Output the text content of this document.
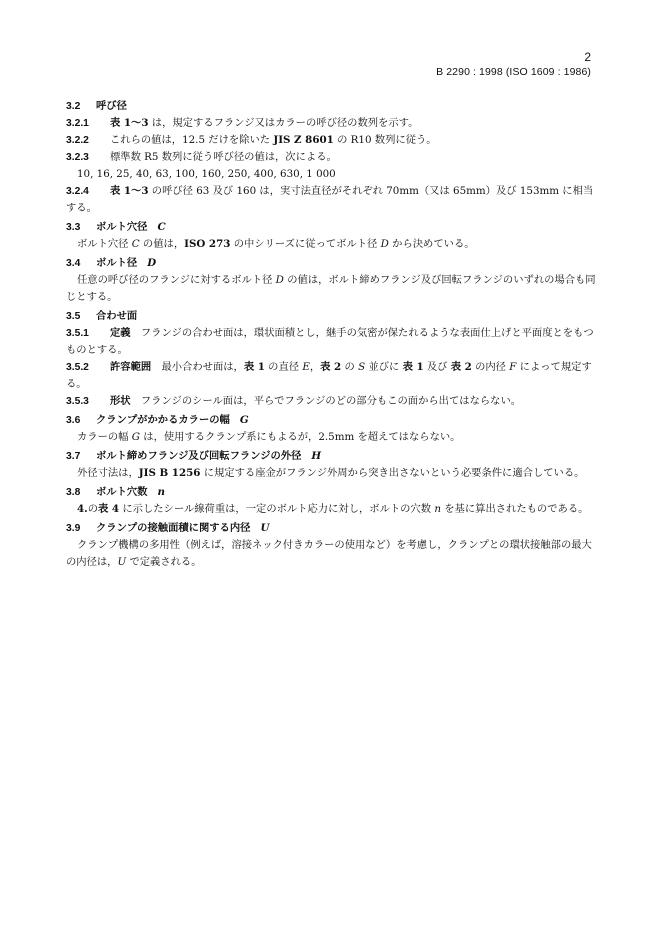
2
B 2290 : 1998 (ISO 1609 : 1986)
3.2 呼び径
3.2.1 表 1～3 は，規定するフランジ又はカラーの呼び径の数列を示す。
3.2.2 これらの値は，12.5 だけを除いた JIS Z 8601 の R10 数列に従う。
3.2.3 標準数 R5 数列に従う呼び径の値は，次による。
10, 16, 25, 40, 63, 100, 160, 250, 400, 630, 1 000
3.2.4 表 1～3 の呼び径 63 及び 160 は，実寸法直径がそれぞれ 70mm（又は 65mm）及び 153mm に相当する。
3.3 ボルト穴径 C
ボルト穴径 C の値は，ISO 273 の中シリーズに従ってボルト径 D から決めている。
3.4 ボルト径 D
任意の呼び径のフランジに対するボルト径 D の値は，ボルト締めフランジ及び回転フランジのいずれの場合も同じとする。
3.5 合わせ面
3.5.1 定義　 フランジの合わせ面は，環状面積とし，継手の気密が保たれるような表面仕上げと平面度とをもつものとする。
3.5.2 許容範囲　 最小合わせ面は，表 1 の直径 E，表 2 の S 並びに 表 1 及び 表 2 の内径 F によって規定する。
3.5.3 形状　 フランジのシール面は，平らでフランジのどの部分もこの面から出てはならない。
3.6 クランプがかかるカラーの幅 G
カラーの幅 G は，使用するクランプ系にもよるが，2.5mm を超えてはならない。
3.7 ボルト締めフランジ及び回転フランジの外径 H
外径寸法は，JIS B 1256 に規定する座金がフランジ外周から突き出さないという必要条件に適合している。
3.8 ボルト穴数 n
4.の表 4 に示したシール線荷重は，一定のボルト応力に対し，ボルトの穴数 n を基に算出されたものである。
3.9 クランプの接触面積に関する内径 U
クランプ機構の多用性（例えば，溶接ネック付きカラーの使用など）を考慮し，クランプとの環状接触部の最大の内径は，U で定義される。
